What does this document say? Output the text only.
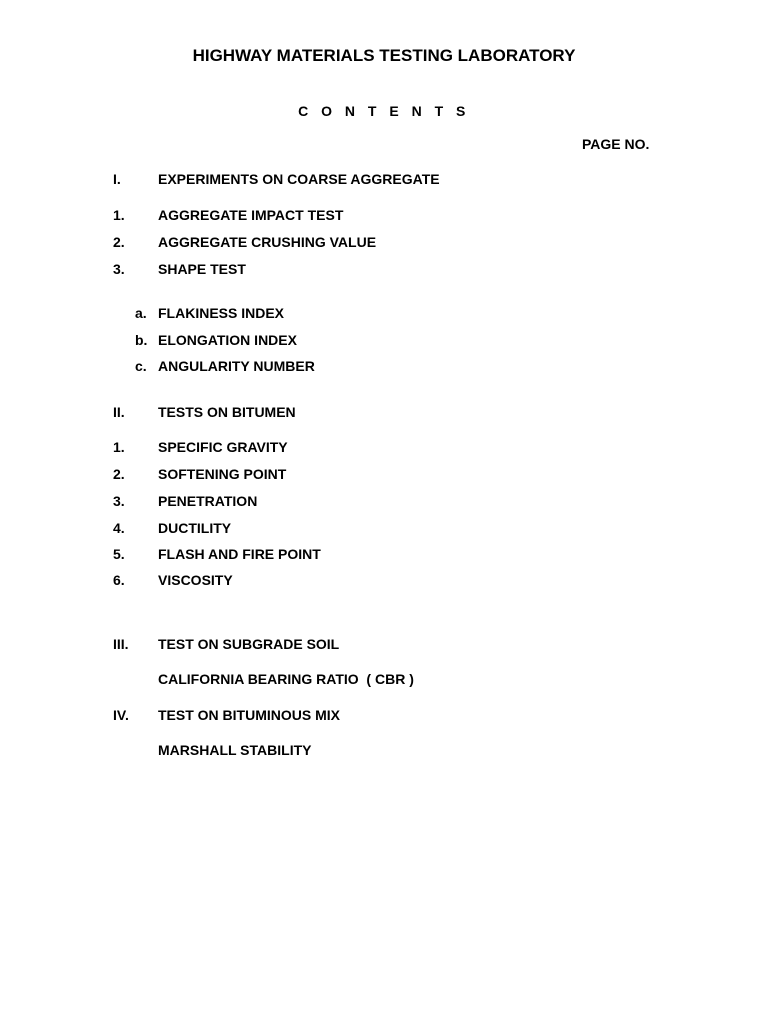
HIGHWAY MATERIALS TESTING LABORATORY
C O N T E N T S
PAGE NO.
I.	EXPERIMENTS ON COARSE AGGREGATE
1. AGGREGATE IMPACT TEST
2. AGGREGATE CRUSHING VALUE
3. SHAPE TEST
a. FLAKINESS INDEX
b. ELONGATION INDEX
c. ANGULARITY NUMBER
II. TESTS ON BITUMEN
1. SPECIFIC GRAVITY
2. SOFTENING POINT
3. PENETRATION
4. DUCTILITY
5. FLASH AND FIRE POINT
6. VISCOSITY
III. TEST ON SUBGRADE SOIL
CALIFORNIA BEARING RATIO  ( CBR )
IV. TEST ON BITUMINOUS MIX
MARSHALL STABILITY
